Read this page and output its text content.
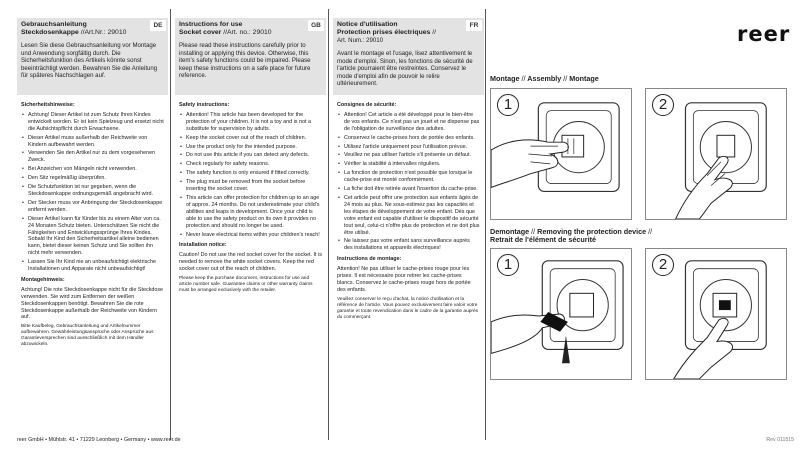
DE
Gebrauchsanleitung
Steckdosenkappe //Art.Nr.: 29010
Lesen Sie diese Gebrauchsanleitung vor Montage und Anwendung sorgfältig durch. Die Sicherheitsfunktion des Artikels könnte sonst beeinträchtigt werden. Bewahren Sie die Anleitung für späteres Nachschlagen auf.
Sicherheitshinweise:
• Achtung! Dieser Artikel ist zum Schutz Ihres Kindes entwickelt worden. Er ist kein Spielzeug und ersetzt nicht die Aufsichtspflicht durch Erwachsene.
• Dieser Artikel muss außerhalb der Reichweite von Kindern aufbewahrt werden.
• Verwenden Sie den Artikel nur zu dem vorgesehenen Zweck.
• Bei Anzeichen von Mängeln nicht verwenden.
• Den Sitz regelmäßig überprüfen.
• Die Schutzfunktion ist nur gegeben, wenn die Steckdosenkappe ordnungsgemäß angebracht wird.
• Der Stecker muss vor Anbringung der Steckdosenkappe entfernt werden.
• Dieser Artikel kann für Kinder bis zu einem Alter von ca. 24 Monaten Schutz bieten. Unterschätzen Sie nicht die Fähigkeiten und Entwicklungssprünge Ihres Kindes. Sobald Ihr Kind den Sicherheitsartikel alleine bedienen kann, bietet dieser keinen Schutz und Sie sollten ihn nicht mehr verwenden.
• Lassen Sie Ihr Kind nie an unbeaufsichtigt elektrische Installationen und Apparate nicht unbeaufsichtigt!
Montagehinweis:

Achtung! Die rote Steckdosenkappe nicht für die Steckdose verwenden. Sie wird zum Entfernen der weißen Steckdosenkappen benötigt. Bewahren Sie die rote Steckdosenkappe außerhalb der Reichweite von Kindern auf.

Bitte Kaufbeleg, Gebrauchsanleitung und Artikelnummer aufbewahren. Gewährleistungsansprüche oder Ansprüche aus Garantieversprechen sind ausschließlich mit dem Händler abzuwickeln.

GB
Instructions for use
Socket cover //Art. no.: 29010
Please read these instructions carefully prior to installing or applying this device. Otherwise, this item's safety functions could be impaired. Please keep these instructions on a safe place for future reference.
Safety instructions:
• Attention! This article has been developed for the protection of your children. It is not a toy and is not a substitute for supervision by adults.
• Keep the socket cover out of the reach of children.
• Use the product only for the intended purpose.
• Do not use this article if you can detect any defects.
• Check regularly for safety reasons.
• The safety function is only ensured if fitted correctly.
• The plug must be removed from the socket before inserting the socket cover.
• This article can offer protection for children up to an age of approx. 24 months. Do not underestimate your child's abilities and leaps in development. Once your child is able to use the safety product on its own it provides no protection and should no longer be used.
• Never leave electrical items within your children's reach!
Installation notice:

Caution! Do not use the red socket cover for the socket. It is needed to remove the white socket covers. Keep the red socket cover out of the reach of children.

Please keep the purchase document, instructions for use and article number safe. Guarantee claims or other warranty claims must be arranged exclusively with the retailer.

FR
Notice d'utilisation
Protection prises électriques //
Art. Num.: 29010
Avant le montage et l'usage, lisez attentivement le mode d'emploi. Sinon, les fonctions de sécurité de l'article pourraient être restreintes. Conservez le mode d'emploi afin de pouvoir le relire ultérieurement.
Consignes de sécurité:
• Attention! Cet article a été développé pour le bien-être de vos enfants. Ce n'est pas un jouet et ne dispense pas de l'obligation de surveillance des adultes.
• Conservez le cache-prises hors de portée des enfants.
• Utilisez l'article uniquement pour l'utilisation prévue.
• Veuillez ne pas utiliser l'article s'il présente un défaut.
• Vérifier la stabilité à intervalles réguliers.
• La fonction de protection n'est possible que lorsque le cache-prise est monté conformément.
• La fiche doit être retirée avant l'insertion du cache-prise.
• Cet article peut offrir une protection aux enfants âgés de 24 mois au plus. Ne sous-estimez pas les capacités et les étapes de développement de votre enfant. Dès que votre enfant est capable d'utiliser le dispositif de sécurité tout seul, celui-ci n'offre plus de protection et ne doit plus être utilisé.
• Ne laissez pas votre enfant sans surveillance auprès des installations et appareils électriques!
Instructions de montage:

Attention! Ne pas utiliser le cache-prises rouge pour les prises. Il est nécessaire pour retirer les cache-prises blancs. Conservez le cache-prises rouge hors de portée des enfants.

Veuillez conserver le reçu d'achat, la notice d'utilisation et la référence de l'article. Vous pouvez exclusivement faire valoir votre garantie et toute revendication dans le cadre de la garantie auprès du commerçant.

reer
Montage // Assembly // Montage
1	2
Demontage // Removing the protection device //
Retrait de l'élément de sécurité
1	2
reer GmbH • Mühlstr. 41 • 71229 Leonberg • Germany • www.reer.de	Rev 011515
